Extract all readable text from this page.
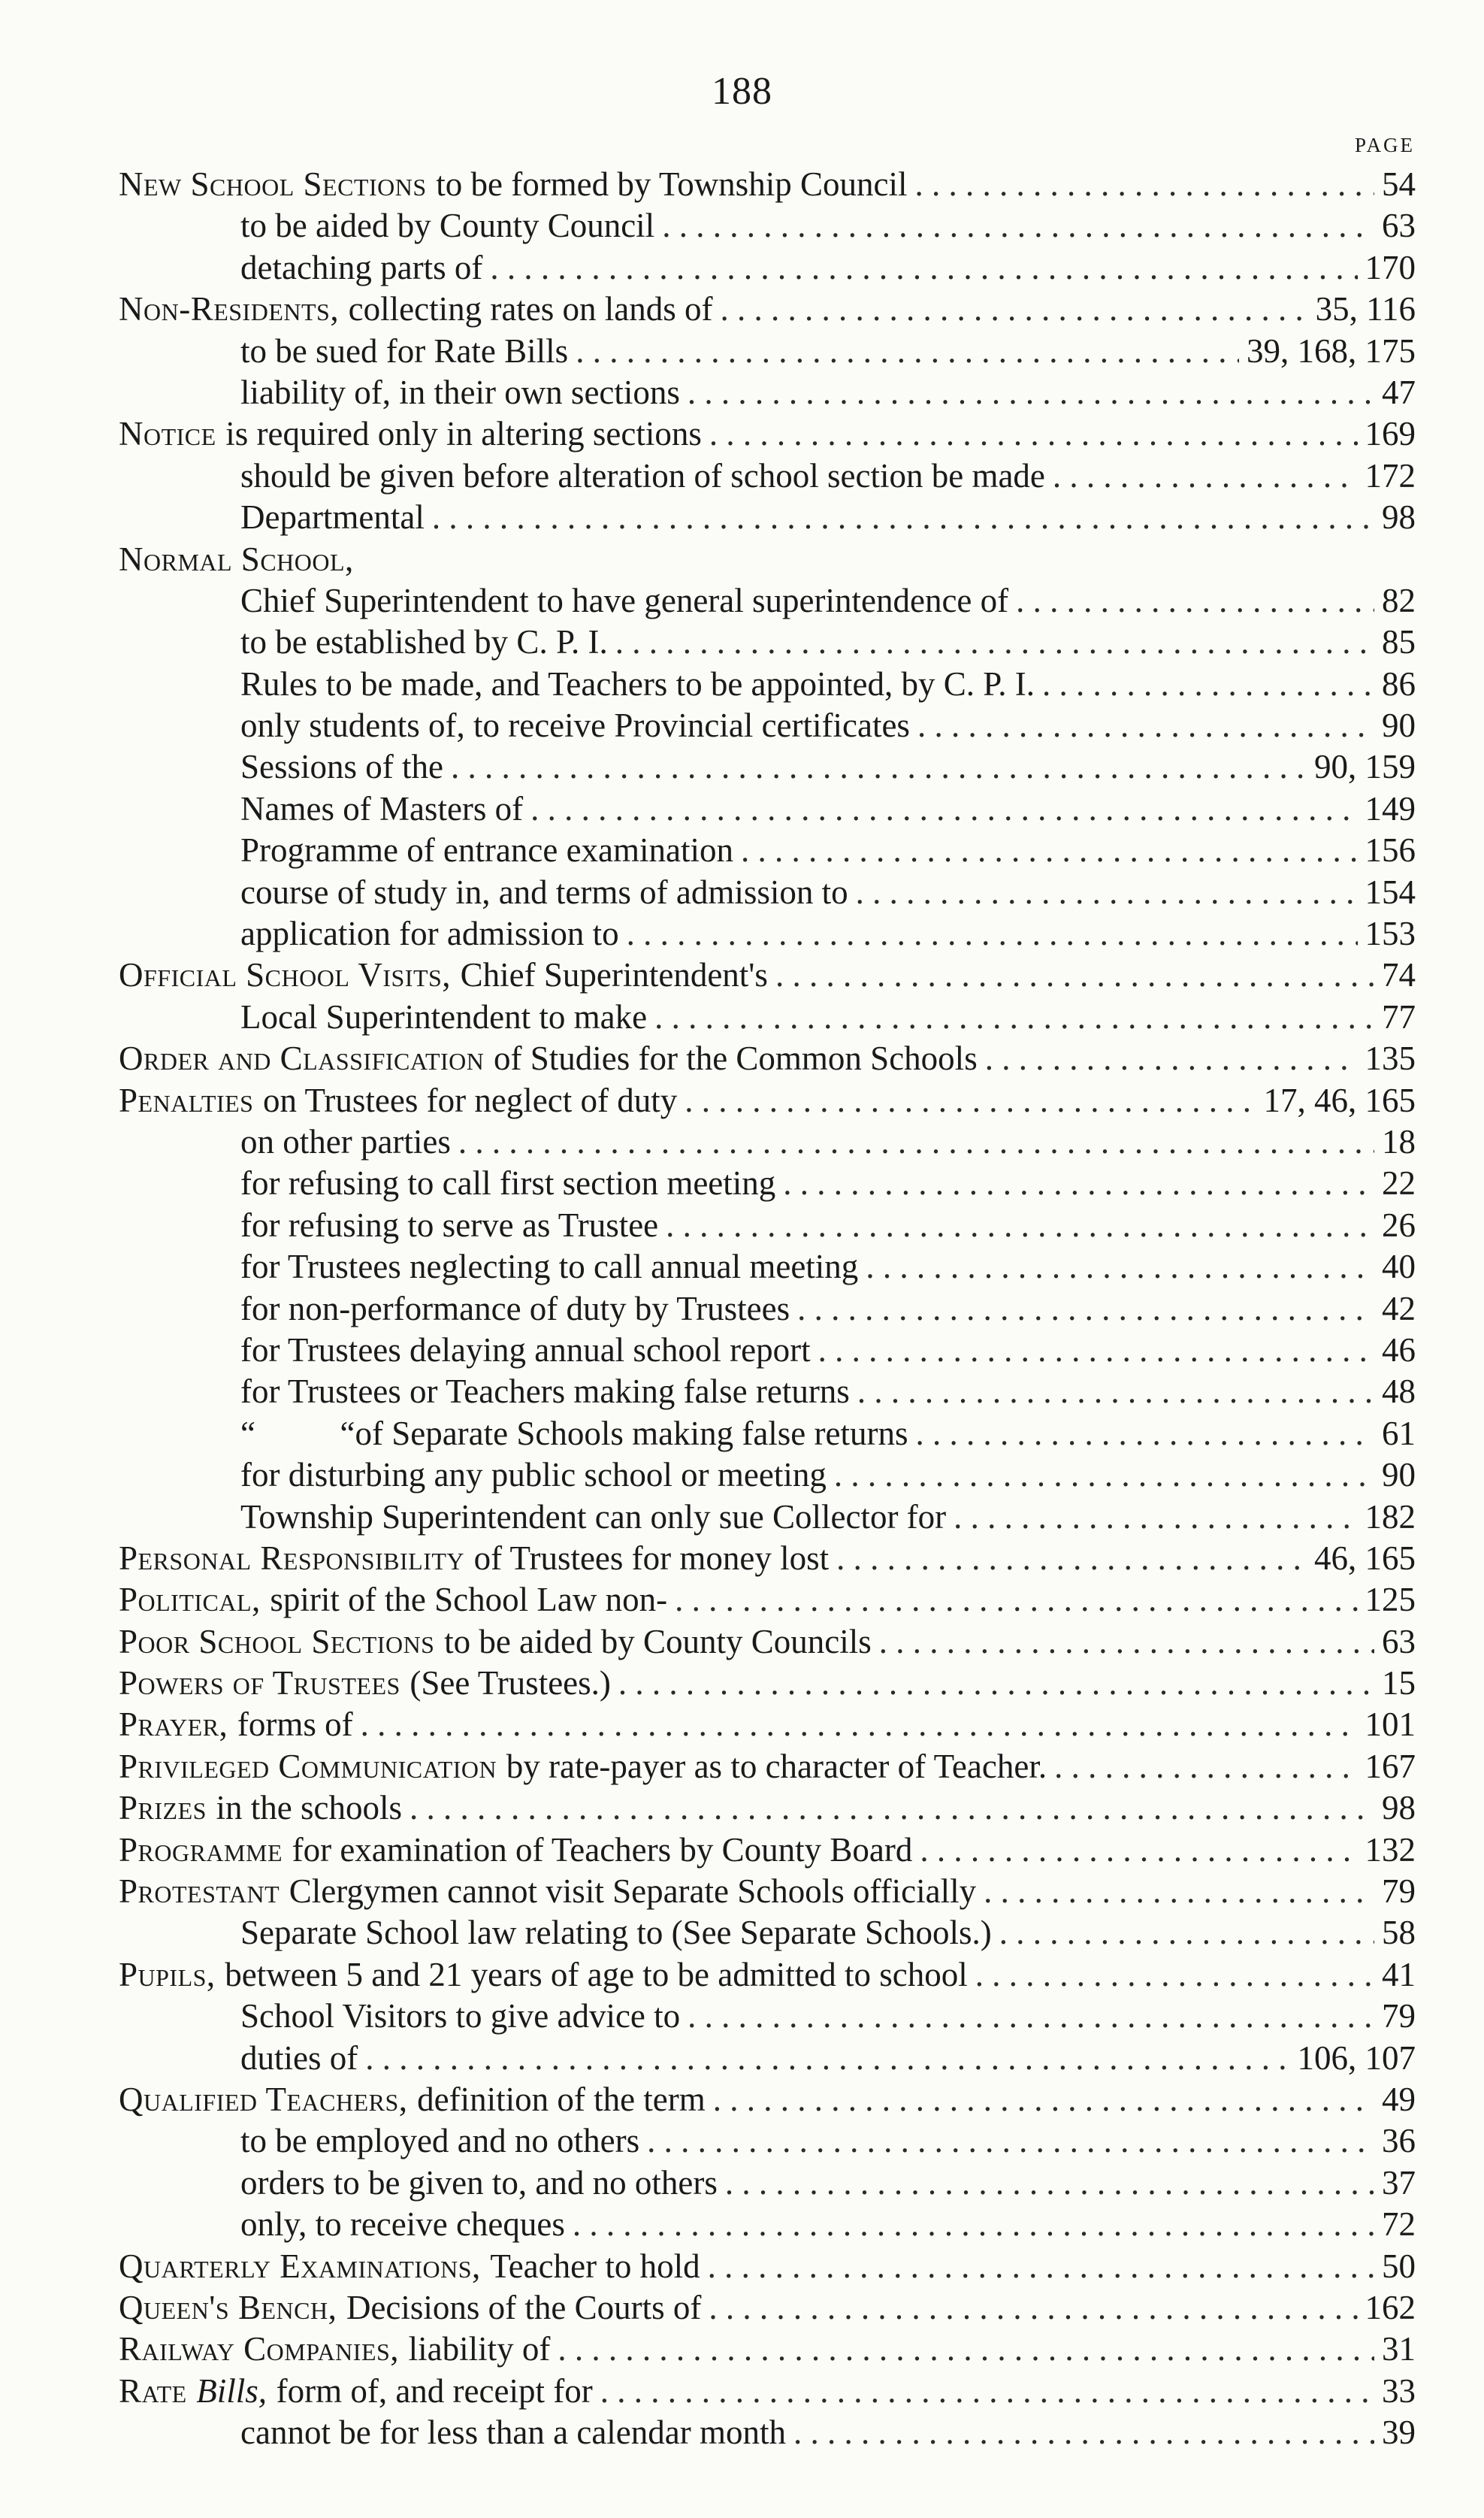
188
PAGE
New School Sections to be formed by Township Council . . .	54
to be aided by County Council . . .	63
detaching parts of . . .	170
Non-Residents, collecting rates on lands of . . .	35, 116
to be sued for Rate Bills . . .	39, 168, 175
liability of, in their own sections . . .	47
Notice is required only in altering sections . . .	169
should be given before alteration of school section be made . . .	172
Departmental . . .	98
Normal School,
Chief Superintendent to have general superintendence of . . .	82
to be established by C. P. I. . . .	85
Rules to be made, and Teachers to be appointed, by C. P. I. . . .	86
only students of, to receive Provincial certificates . . .	90
Sessions of the . . .	90, 159
Names of Masters of . . .	149
Programme of entrance examination . . .	156
course of study in, and terms of admission to . . .	154
application for admission to . . .	153
Official School Visits, Chief Superintendent's . . .	74
Local Superintendent to make . . .	77
Order and Classification of Studies for the Common Schools . . .	135
Penalties on Trustees for neglect of duty . . .	17, 46, 165
on other parties . . .	18
for refusing to call first section meeting . . .	22
for refusing to serve as Trustee . . .	26
for Trustees neglecting to call annual meeting . . .	40
for non-performance of duty by Trustees . . .	42
for Trustees delaying annual school report . . .	46
for Trustees or Teachers making false returns . . .	48
“          “ of Separate Schools making false returns . . .	61
for disturbing any public school or meeting . . .	90
Township Superintendent can only sue Collector for . . .	182
Personal Responsibility of Trustees for money lost . . .	46, 165
Political, spirit of the School Law non- . . .	125
Poor School Sections to be aided by County Councils . . .	63
Powers of Trustees (See Trustees.) . . .	15
Prayer, forms of . . .	101
Privileged Communication by rate-payer as to character of Teacher. . . .	167
Prizes in the schools . . .	98
Programme for examination of Teachers by County Board . . .	132
Protestant Clergymen cannot visit Separate Schools officially . . .	79
Separate School law relating to (See Separate Schools.) . . .	58
Pupils, between 5 and 21 years of age to be admitted to school . . .	41
School Visitors to give advice to . . .	79
duties of . . .	106, 107
Qualified Teachers, definition of the term . . .	49
to be employed and no others . . .	36
orders to be given to, and no others . . .	37
only, to receive cheques . . .	72
Quarterly Examinations, Teacher to hold . . .	50
Queen's Bench, Decisions of the Courts of . . .	162
Railway Companies, liability of . . .	31
Rate Bills, form of, and receipt for . . .	33
cannot be for less than a calendar month . . .	39
